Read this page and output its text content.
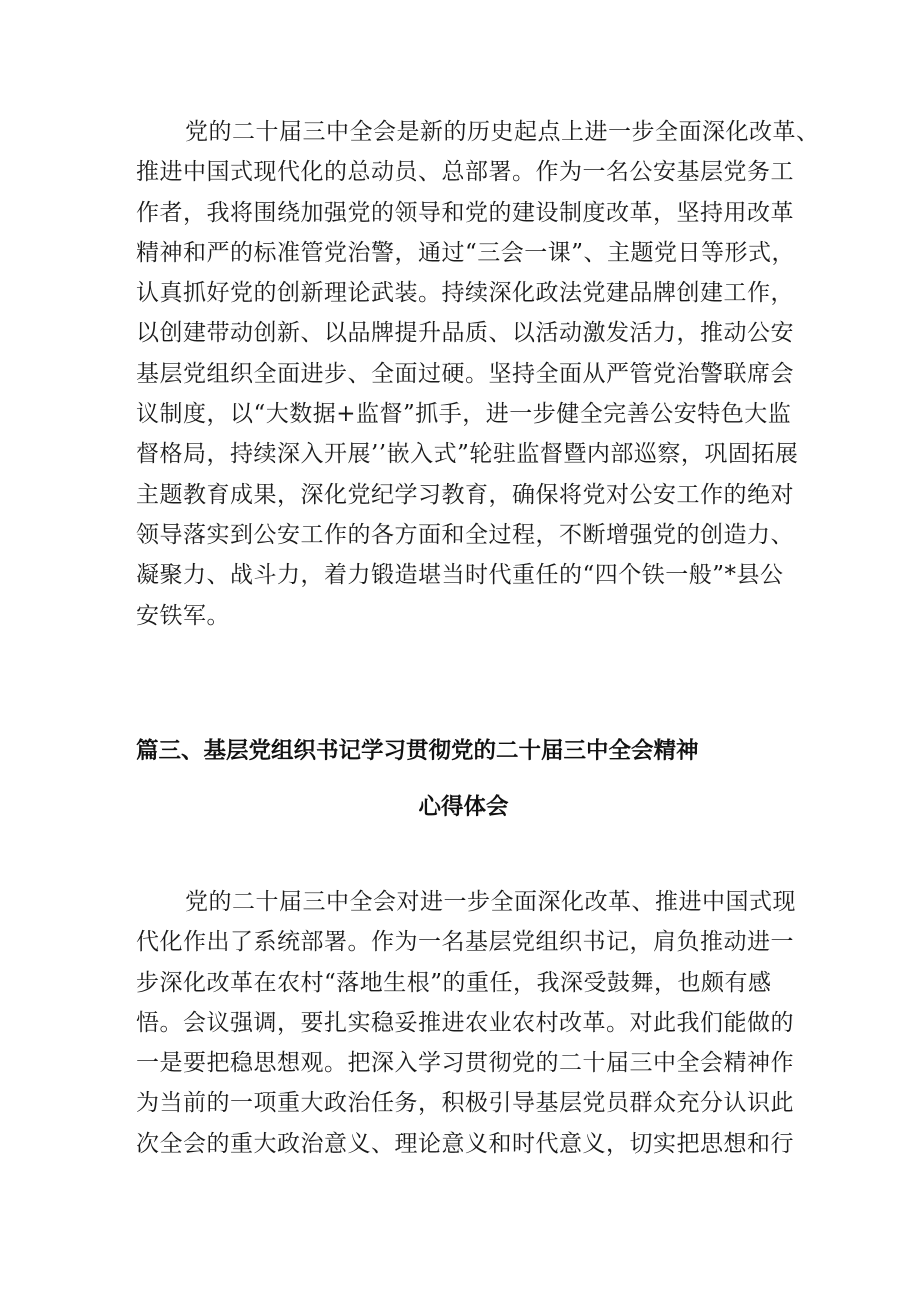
党的二十届三中全会是新的历史起点上进一步全面深化改革、
推进中国式现代化的总动员、总部署。作为一名公安基层党务工
作者，我将围绕加强党的领导和党的建设制度改革，坚持用改革
精神和严的标准管党治警，通过“三会一课”、主题党日等形式，
认真抓好党的创新理论武装。持续深化政法党建品牌创建工作，
以创建带动创新、以品牌提升品质、以活动激发活力，推动公安
基层党组织全面进步、全面过硬。坚持全面从严管党治警联席会
议制度，以“大数据+监督”抓手，进一步健全完善公安特色大监
督格局，持续深入开展’’嵌入式”轮驻监督暨内部巡察，巩固拓展
主题教育成果，深化党纪学习教育，确保将党对公安工作的绝对
领导落实到公安工作的各方面和全过程，不断增强党的创造力、
凝聚力、战斗力，着力锻造堪当时代重任的“四个铁一般”*县公
安铁军。

篇三、基层党组织书记学习贯彻党的二十届三中全会精神
心得体会

党的二十届三中全会对进一步全面深化改革、推进中国式现
代化作出了系统部署。作为一名基层党组织书记，肩负推动进一
步深化改革在农村“落地生根”的重任，我深受鼓舞，也颇有感
悟。会议强调，要扎实稳妥推进农业农村改革。对此我们能做的
一是要把稳思想观。把深入学习贯彻党的二十届三中全会精神作
为当前的一项重大政治任务，积极引导基层党员群众充分认识此
次全会的重大政治意义、理论意义和时代意义，切实把思想和行
